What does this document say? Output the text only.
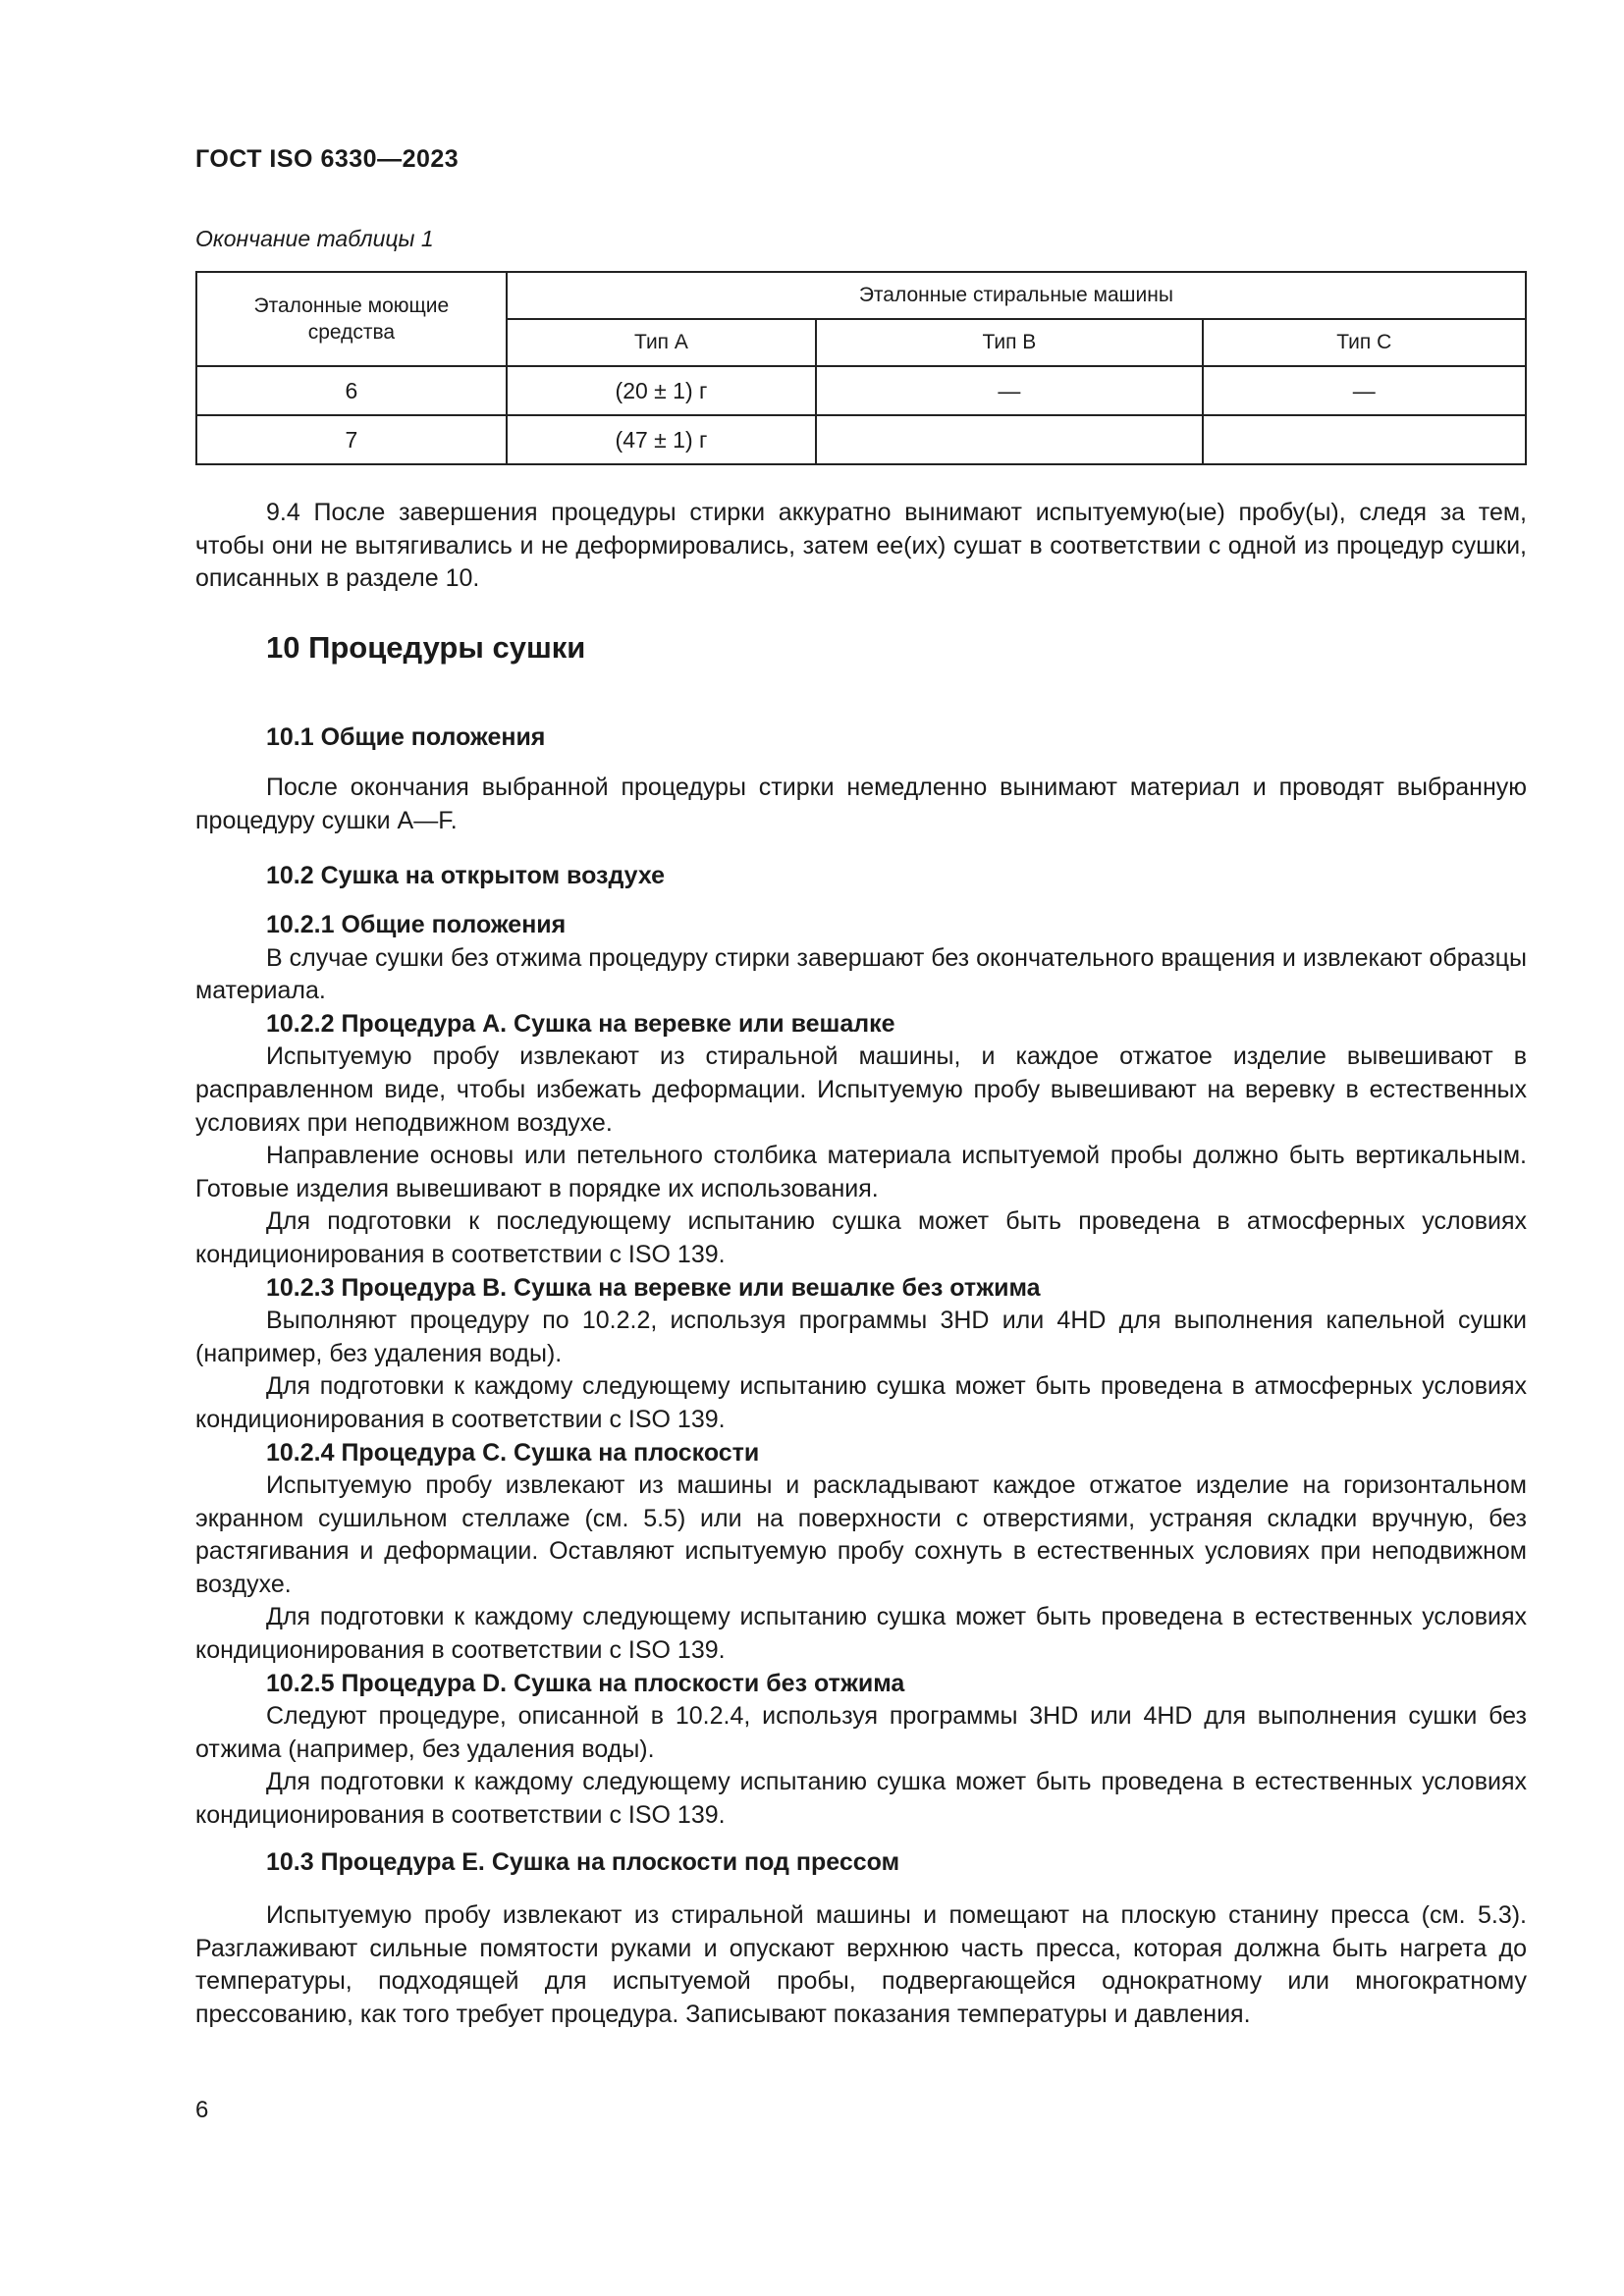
ГОСТ ISO 6330—2023
Окончание таблицы 1
Эталонные моющие средства	Эталонные стиральные машины		
	Тип А	Тип В	Тип С
6	(20 ± 1) г	—	—
7	(47 ± 1) г		

9.4 После завершения процедуры стирки аккуратно вынимают испытуемую(ые) пробу(ы), следя за тем, чтобы они не вытягивались и не деформировались, затем ее(их) сушат в соответствии с одной из процедур сушки, описанных в разделе 10.

10 Процедуры сушки

10.1 Общие положения

После окончания выбранной процедуры стирки немедленно вынимают материал и проводят выбранную процедуру сушки А—F.

10.2 Сушка на открытом воздухе

10.2.1 Общие положения

В случае сушки без отжима процедуру стирки завершают без окончательного вращения и извлекают образцы материала.

10.2.2 Процедура А. Сушка на веревке или вешалке

Испытуемую пробу извлекают из стиральной машины, и каждое отжатое изделие вывешивают в расправленном виде, чтобы избежать деформации. Испытуемую пробу вывешивают на веревку в естественных условиях при неподвижном воздухе.

Направление основы или петельного столбика материала испытуемой пробы должно быть вертикальным. Готовые изделия вывешивают в порядке их использования.

Для подготовки к последующему испытанию сушка может быть проведена в атмосферных условиях кондиционирования в соответствии с ISO 139.

10.2.3 Процедура В. Сушка на веревке или вешалке без отжима

Выполняют процедуру по 10.2.2, используя программы 3HD или 4HD для выполнения капельной сушки (например, без удаления воды).

Для подготовки к каждому следующему испытанию сушка может быть проведена в атмосферных условиях кондиционирования в соответствии с ISO 139.

10.2.4 Процедура С. Сушка на плоскости

Испытуемую пробу извлекают из машины и раскладывают каждое отжатое изделие на горизонтальном экранном сушильном стеллаже (см. 5.5) или на поверхности с отверстиями, устраняя складки вручную, без растягивания и деформации. Оставляют испытуемую пробу сохнуть в естественных условиях при неподвижном воздухе.

Для подготовки к каждому следующему испытанию сушка может быть проведена в естественных условиях кондиционирования в соответствии с ISO 139.

10.2.5 Процедура D. Сушка на плоскости без отжима

Следуют процедуре, описанной в 10.2.4, используя программы 3HD или 4HD для выполнения сушки без отжима (например, без удаления воды).

Для подготовки к каждому следующему испытанию сушка может быть проведена в естественных условиях кондиционирования в соответствии с ISO 139.

10.3 Процедура Е. Сушка на плоскости под прессом

Испытуемую пробу извлекают из стиральной машины и помещают на плоскую станину пресса (см. 5.3). Разглаживают сильные помятости руками и опускают верхнюю часть пресса, которая должна быть нагрета до температуры, подходящей для испытуемой пробы, подвергающейся однократному или многократному прессованию, как того требует процедура. Записывают показания температуры и давления.

6
